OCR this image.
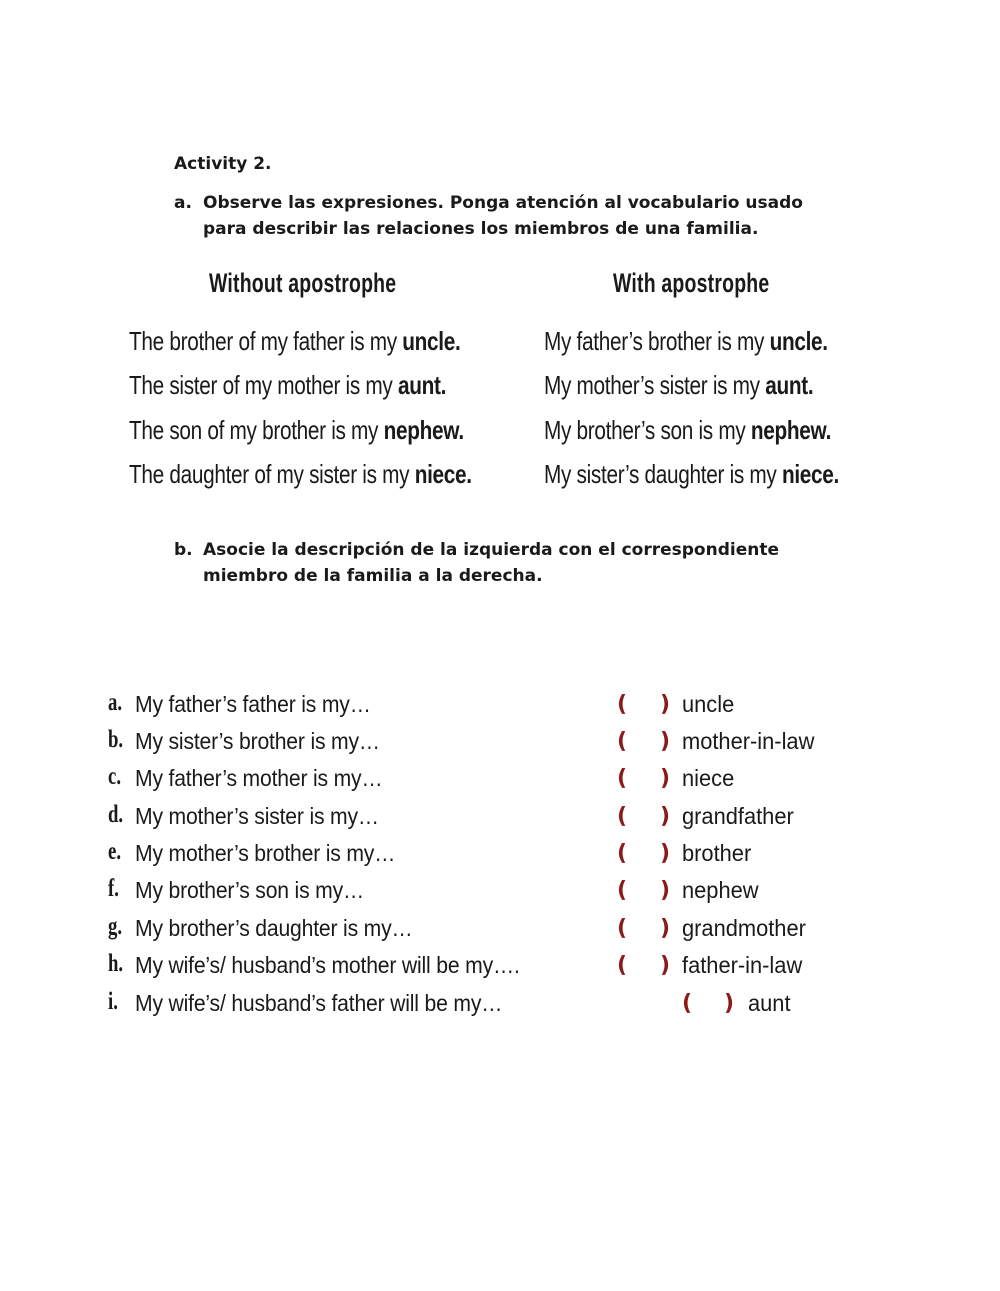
Activity 2.
a. Observe las expresiones. Ponga atención al vocabulario usado
para describir las relaciones los miembros de una familia.
Without apostrophe	With apostrophe
The brother of my father is my uncle.
The sister of my mother is my aunt.
The son of my brother is my nephew.
The daughter of my sister is my niece.
My father’s brother is my uncle.
My mother’s sister is my aunt.
My brother’s son is my nephew.
My sister’s daughter is my niece.
b. Asocie la descripción de la izquierda con el correspondiente
miembro de la familia a la derecha.
a. My father’s father is my…
b. My sister’s brother is my…
c. My father’s mother is my…
d. My mother’s sister is my…
e. My mother’s brother is my…
f. My brother’s son is my…
g. My brother’s daughter is my…
h. My wife’s/ husband’s mother will be my….
i. My wife’s/ husband’s father will be my…
( ) uncle
( ) mother-in-law
( ) niece
( ) grandfather
( ) brother
( ) nephew
( ) grandmother
( ) father-in-law
( ) aunt
